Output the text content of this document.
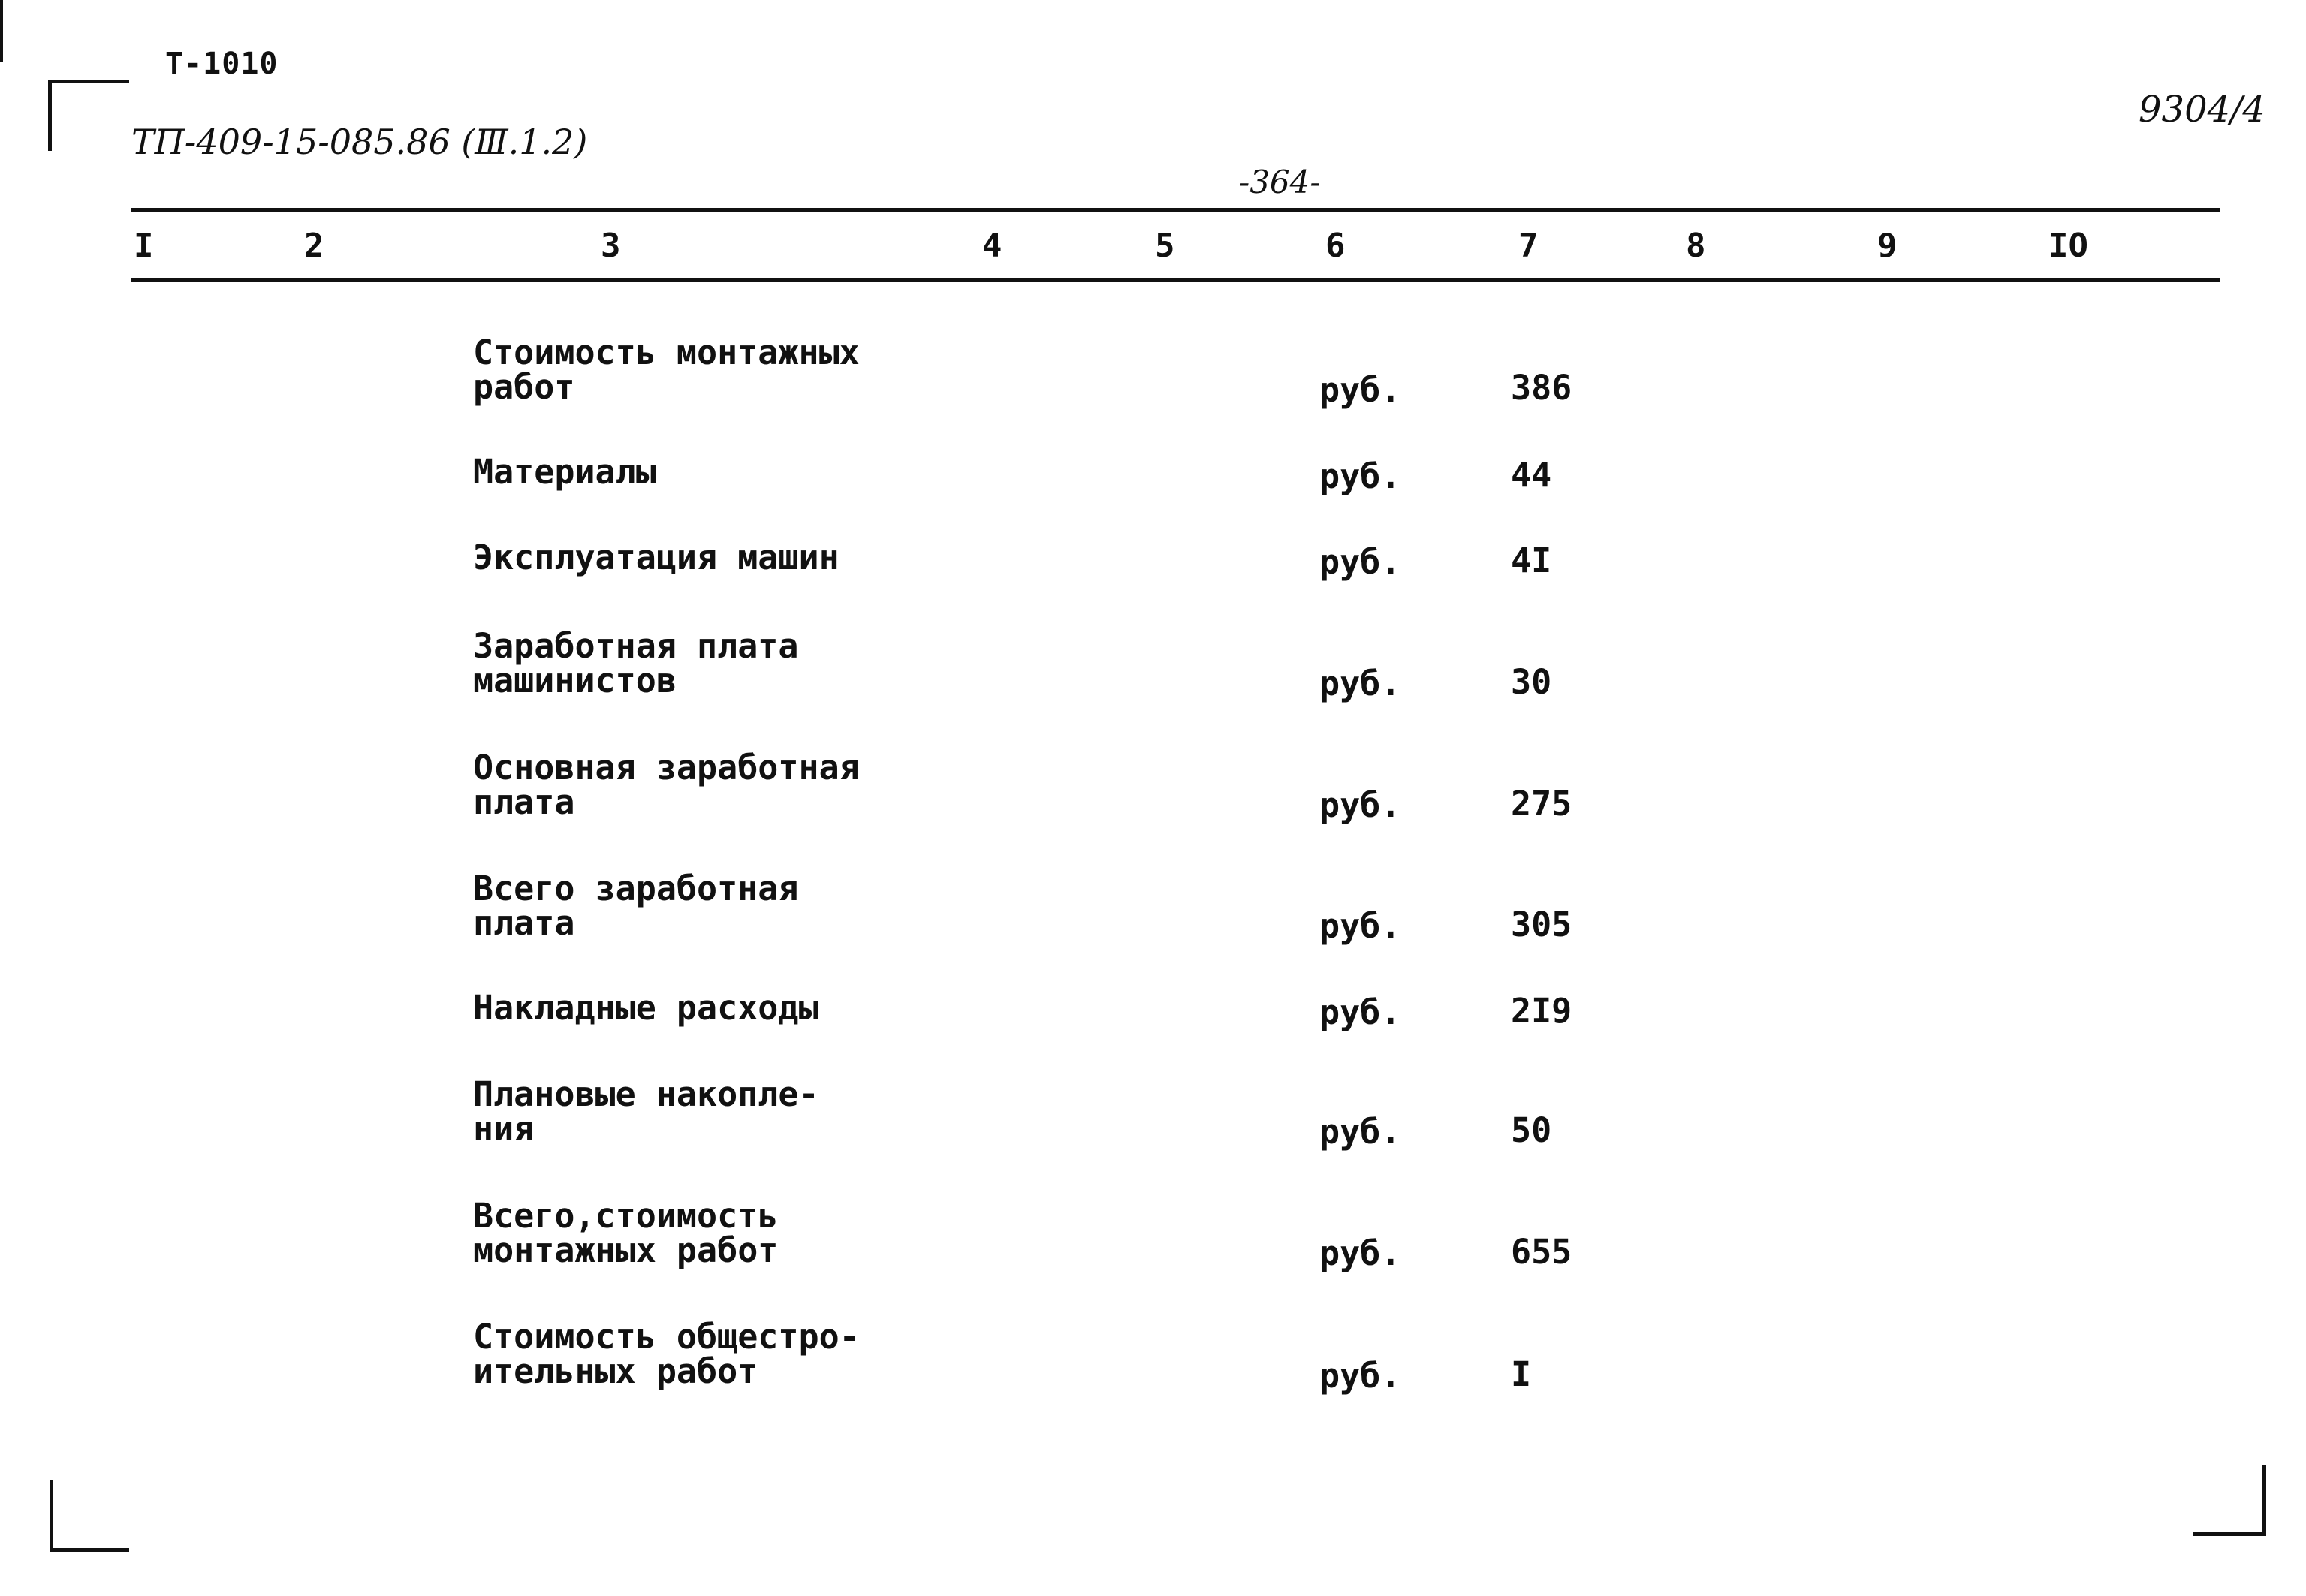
Т-1010
ТП-409-15-085.86 (Ⅲ.1.2)
9304/4
-364-
I	2	3	4	5	6	7	8	9	IO
Стоимость монтажных
работ	руб.	386
Материалы	руб.	44
Эксплуатация машин	руб.	4I
Заработная плата
машинистов	руб.	30
Основная заработная
плата	руб.	275
Всего заработная
плата	руб.	305
Накладные расходы	руб.	2I9
Плановые накопле-
ния	руб.	50
Всего,стоимость
монтажных работ	руб.	655
Стоимость общестро-
ительных работ	руб.	I
